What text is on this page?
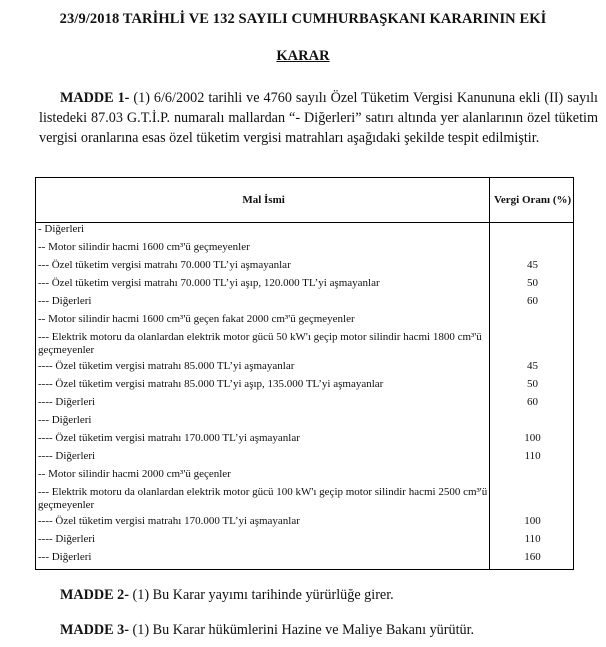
23/9/2018 TARİHLİ VE 132 SAYILI CUMHURBAŞKANI KARARININ EKİ
KARAR
MADDE 1- (1) 6/6/2002 tarihli ve 4760 sayılı Özel Tüketim Vergisi Kanununa ekli (II) sayılı listedeki 87.03 G.T.İ.P. numaralı mallardan “- Diğerleri” satırı altında yer alanlarının özel tüketim vergisi oranlarına esas özel tüketim vergisi matrahları aşağıdaki şekilde tespit edilmiştir.
Mal İsmi	Vergi Oranı (%)
- Diğerleri	
-- Motor silindir hacmi 1600 cm³'ü geçmeyenler	
--- Özel tüketim vergisi matrahı 70.000 TL’yi aşmayanlar	45
--- Özel tüketim vergisi matrahı 70.000 TL’yi aşıp, 120.000 TL’yi aşmayanlar	50
--- Diğerleri	60
-- Motor silindir hacmi 1600 cm³'ü geçen fakat 2000 cm³'ü geçmeyenler	
--- Elektrik motoru da olanlardan elektrik motor gücü 50 kW'ı geçip motor silindir hacmi 1800 cm³'ü geçmeyenler	
---- Özel tüketim vergisi matrahı 85.000 TL’yi aşmayanlar	45
---- Özel tüketim vergisi matrahı 85.000 TL’yi aşıp, 135.000 TL’yi aşmayanlar	50
---- Diğerleri	60
--- Diğerleri	
---- Özel tüketim vergisi matrahı 170.000 TL’yi aşmayanlar	100
---- Diğerleri	110
-- Motor silindir hacmi 2000 cm³'ü geçenler	
--- Elektrik motoru da olanlardan elektrik motor gücü 100 kW'ı geçip motor silindir hacmi 2500 cm³'ü geçmeyenler	
---- Özel tüketim vergisi matrahı 170.000 TL’yi aşmayanlar	100
---- Diğerleri	110
--- Diğerleri	160
MADDE 2- (1) Bu Karar yayımı tarihinde yürürlüğe girer.
MADDE 3- (1) Bu Karar hükümlerini Hazine ve Maliye Bakanı yürütür.
